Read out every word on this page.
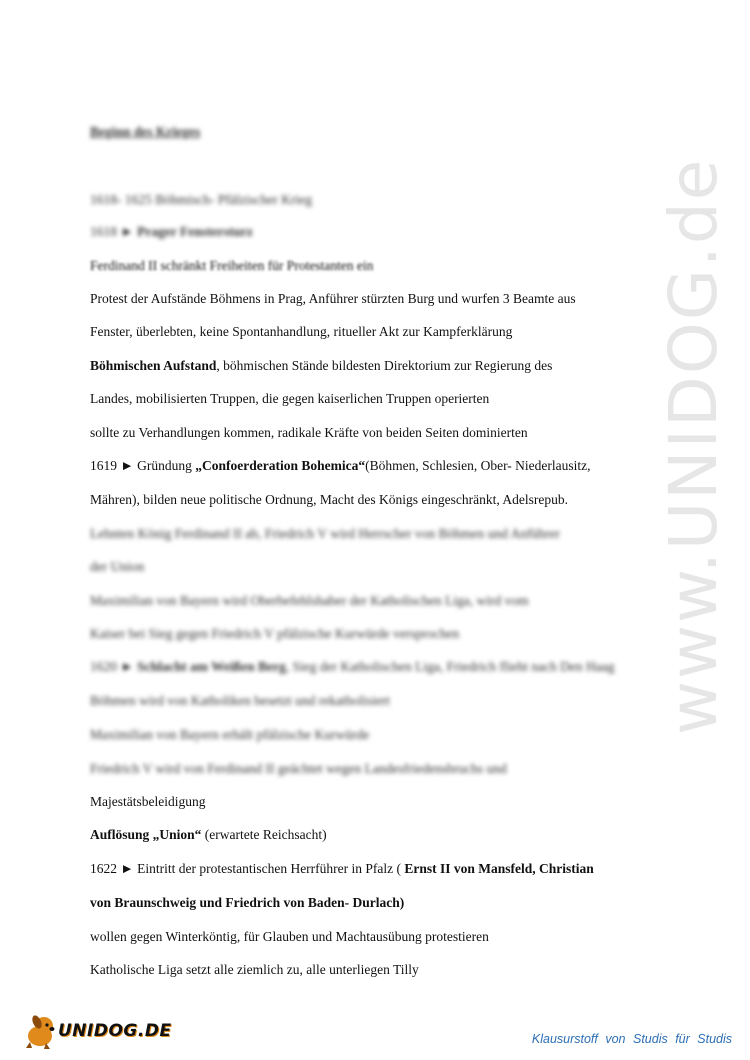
www.UNIDOG.de
Beginn des Krieges
1618- 1625 Böhmisch- Pfälzischer Krieg
1618 ► Prager Fenstersturz
Ferdinand II schränkt Freiheiten für Protestanten ein
Protest der Aufstände Böhmens in Prag, Anführer stürzten Burg und wurfen 3 Beamte aus
Fenster, überlebten, keine Spontanhandlung, ritueller Akt zur Kampferklärung
Böhmischen Aufstand, böhmischen Stände bildesten Direktorium zur Regierung des
Landes, mobilisierten Truppen, die gegen kaiserlichen Truppen operierten
sollte zu Verhandlungen kommen, radikale Kräfte von beiden Seiten dominierten
1619 ► Gründung „Confoerderation Bohemica“(Böhmen, Schlesien, Ober- Niederlausitz,
Mähren), bilden neue politische Ordnung, Macht des Königs eingeschränkt, Adelsrepub.
Lehnten König Ferdinand II ab, Friedrich V wird Herrscher von Böhmen und Anführer
der Union
Maximilian von Bayern wird Oberbefehlshaber der Katholischen Liga, wird vom
Kaiser bei Sieg gegen Friedrich V pfälzische Kurwürde versprochen
1620 ► Schlacht am Weißen Berg, Sieg der Katholischen Liga, Friedrich flieht nach Den Haag
Böhmen wird von Katholiken besetzt und rekatholisiert
Maximilian von Bayern erhält pfälzische Kurwürde
Friedrich V wird von Ferdinand II geächtet wegen Landesfriedensbruchs und
Majestätsbeleidigung
Auflösung „Union“ (erwartete Reichsacht)
1622 ► Eintritt der protestantischen Herrführer in Pfalz ( Ernst II von Mansfeld, Christian
von Braunschweig und Friedrich von Baden- Durlach)
wollen gegen Winterköntig, für Glauben und Machtausübung protestieren
Katholische Liga setzt alle ziemlich zu, alle unterliegen Tilly
UNIDOG.DE	Klausurstoff von Studis für Studis
